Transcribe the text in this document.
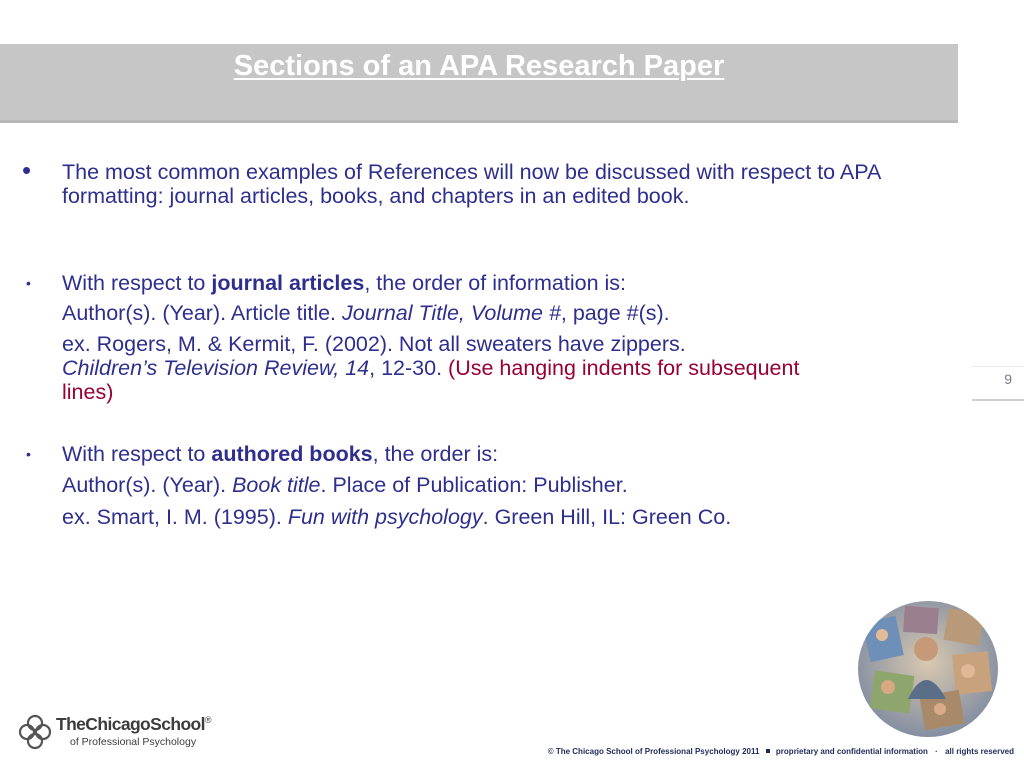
Sections of an APA Research Paper
• The most common examples of References will now be discussed with respect to APA formatting: journal articles, books, and chapters in an edited book.
• With respect to journal articles, the order of information is:
Author(s). (Year). Article title. Journal Title, Volume #, page #(s).
ex. Rogers, M. & Kermit, F. (2002). Not all sweaters have zippers.
Children’s Television Review, 14, 12-30. (Use hanging indents for subsequent lines)
• With respect to authored books, the order is:
Author(s). (Year). Book title. Place of Publication: Publisher.
ex. Smart, I. M. (1995). Fun with psychology. Green Hill, IL: Green Co.
9
TheChicagoSchool®
of Professional Psychology
© The Chicago School of Professional Psychology 2011 proprietary and confidential information · all rights reserved
